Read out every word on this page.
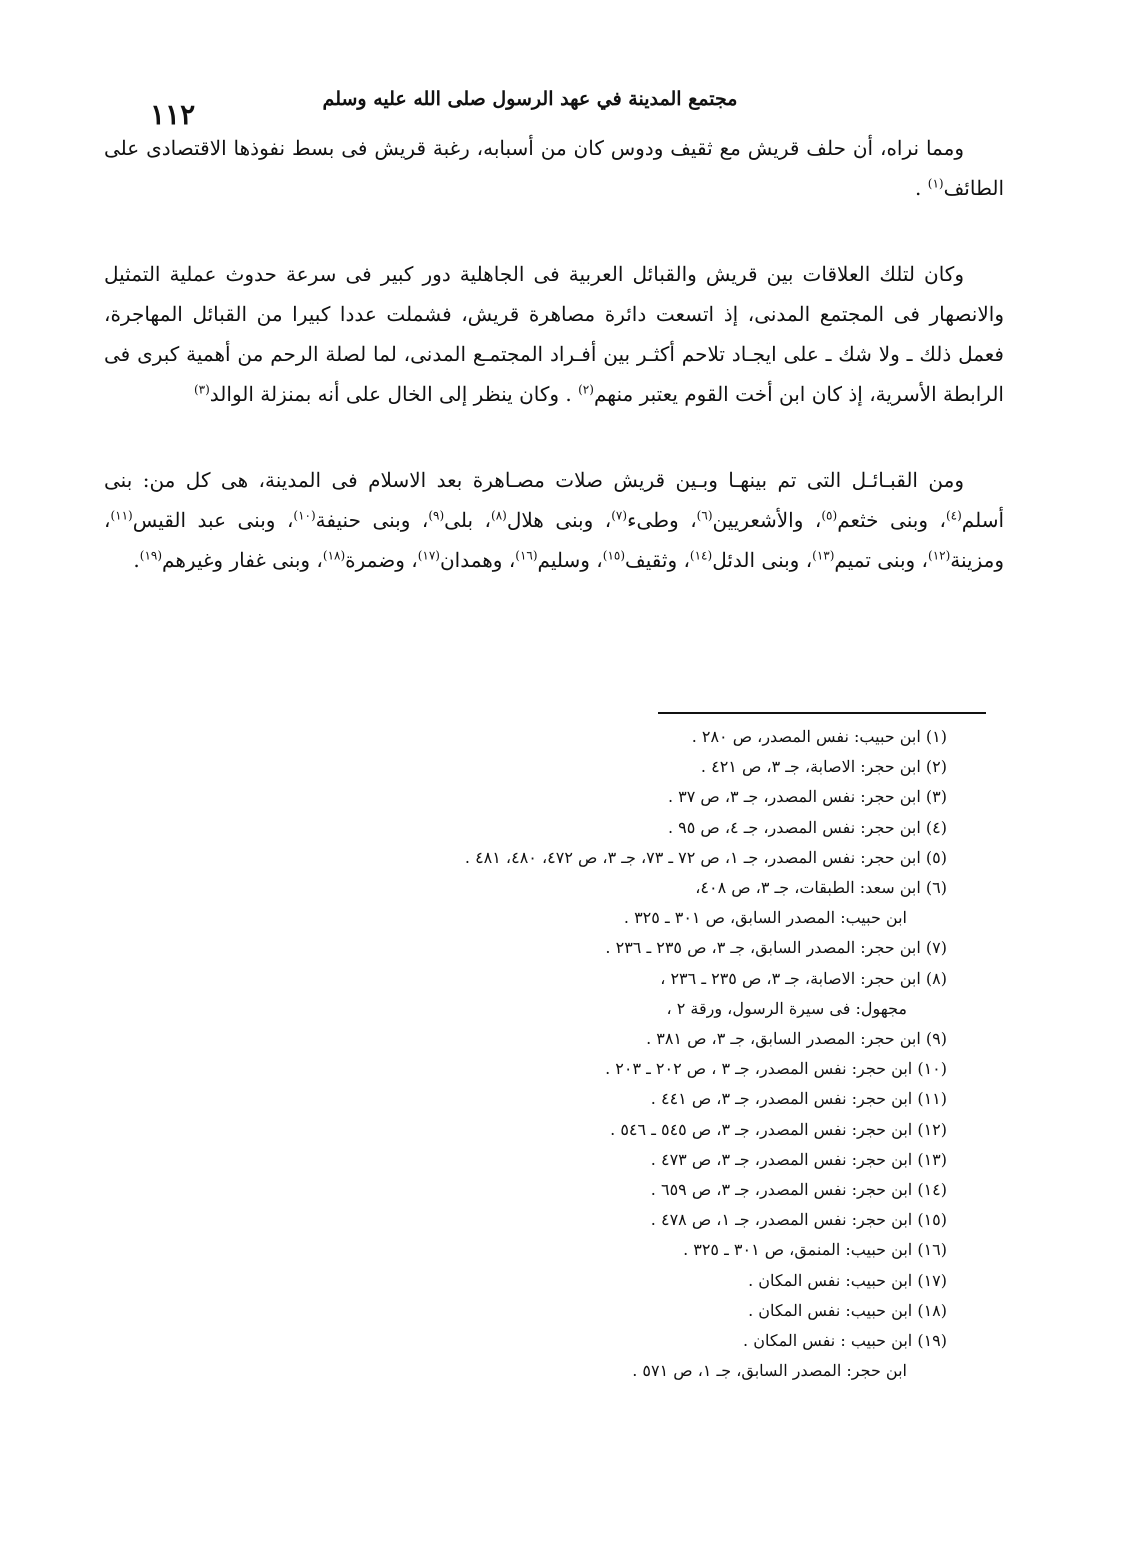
١١٢	مجتمع المدينة في عهد الرسول صلى الله عليه وسلم

ومما نراه، أن حلف قريش مع ثقيف ودوس كان من أسبابه، رغبة قريش فى بسط نفوذها الاقتصادى على الطائف$^{(١)}$ .

وكان لتلك العلاقات بين قريش والقبائل العربية فى الجاهلية دور كبير فى سرعة حدوث عملية التمثيل والانصهار فى المجتمع المدنى، إذ اتسعت دائرة مصاهرة قريش، فشملت عددا كبيرا من القبائل المهاجرة، فعمل ذلك ـ ولا شك ـ على ايجـاد تلاحم أكثـر بين أفـراد المجتمـع المدنى، لما لصلة الرحم من أهمية كبرى فى الرابطة الأسرية، إذ كان ابن أخت القوم يعتبر منهم$^{(٢)}$ . وكان ينظر إلى الخال على أنه بمنزلة الوالد$^{(٣)}$

ومن القبـائـل التى تم بينهـا وبـين قريش صلات مصـاهرة بعد الاسلام فى المدينة، هى كل من: بنى أسلم$^{(٤)}$، وبنى خثعم$^{(٥)}$، والأشعريين$^{(٦)}$، وطىء$^{(٧)}$، وبنى هلال$^{(٨)}$، بلى$^{(٩)}$، وبنى حنيفة$^{(١٠)}$، وبنى عبد القيس$^{(١١)}$، ومزينة$^{(١٢)}$، وبنى تميم$^{(١٣)}$، وبنى الدئل$^{(١٤)}$، وثقيف$^{(١٥)}$، وسليم$^{(١٦)}$، وهمدان$^{(١٧)}$، وضمرة$^{(١٨)}$، وبنى غفار وغيرهم$^{(١٩)}$.

(١) ابن حبيب: نفس المصدر، ص ٢٨٠ .
(٢) ابن حجر: الاصابة، جـ ٣، ص ٤٢١ .
(٣) ابن حجر: نفس المصدر، جـ ٣، ص ٣٧ .
(٤) ابن حجر: نفس المصدر، جـ ٤، ص ٩٥ .
(٥) ابن حجر: نفس المصدر، جـ ١، ص ٧٢ ـ ٧٣، جـ ٣، ص ٤٧٢، ٤٨٠، ٤٨١ .
(٦) ابن سعد: الطبقات، جـ ٣، ص ٤٠٨،
ابن حبيب: المصدر السابق، ص ٣٠١ ـ ٣٢٥ .
(٧) ابن حجر: المصدر السابق، جـ ٣، ص ٢٣٥ ـ ٢٣٦ .
(٨) ابن حجر: الاصابة، جـ ٣، ص ٢٣٥ ـ ٢٣٦ ،
مجهول: فى سيرة الرسول، ورقة ٢ ،
(٩) ابن حجر: المصدر السابق، جـ ٣، ص ٣٨١ .
(١٠) ابن حجر: نفس المصدر، جـ ٣ ، ص ٢٠٢ ـ ٢٠٣ .
(١١) ابن حجر: نفس المصدر، جـ ٣، ص ٤٤١ .
(١٢) ابن حجر: نفس المصدر، جـ ٣، ص ٥٤٥ ـ ٥٤٦ .
(١٣) ابن حجر: نفس المصدر، جـ ٣، ص ٤٧٣ .
(١٤) ابن حجر: نفس المصدر، جـ ٣، ص ٦٥٩ .
(١٥) ابن حجر: نفس المصدر، جـ ١، ص ٤٧٨ .
(١٦) ابن حبيب: المنمق، ص ٣٠١ ـ ٣٢٥ .
(١٧) ابن حبيب: نفس المكان .
(١٨) ابن حبيب: نفس المكان .
(١٩) ابن حبيب : نفس المكان .
ابن حجر: المصدر السابق، جـ ١، ص ٥٧١ .
